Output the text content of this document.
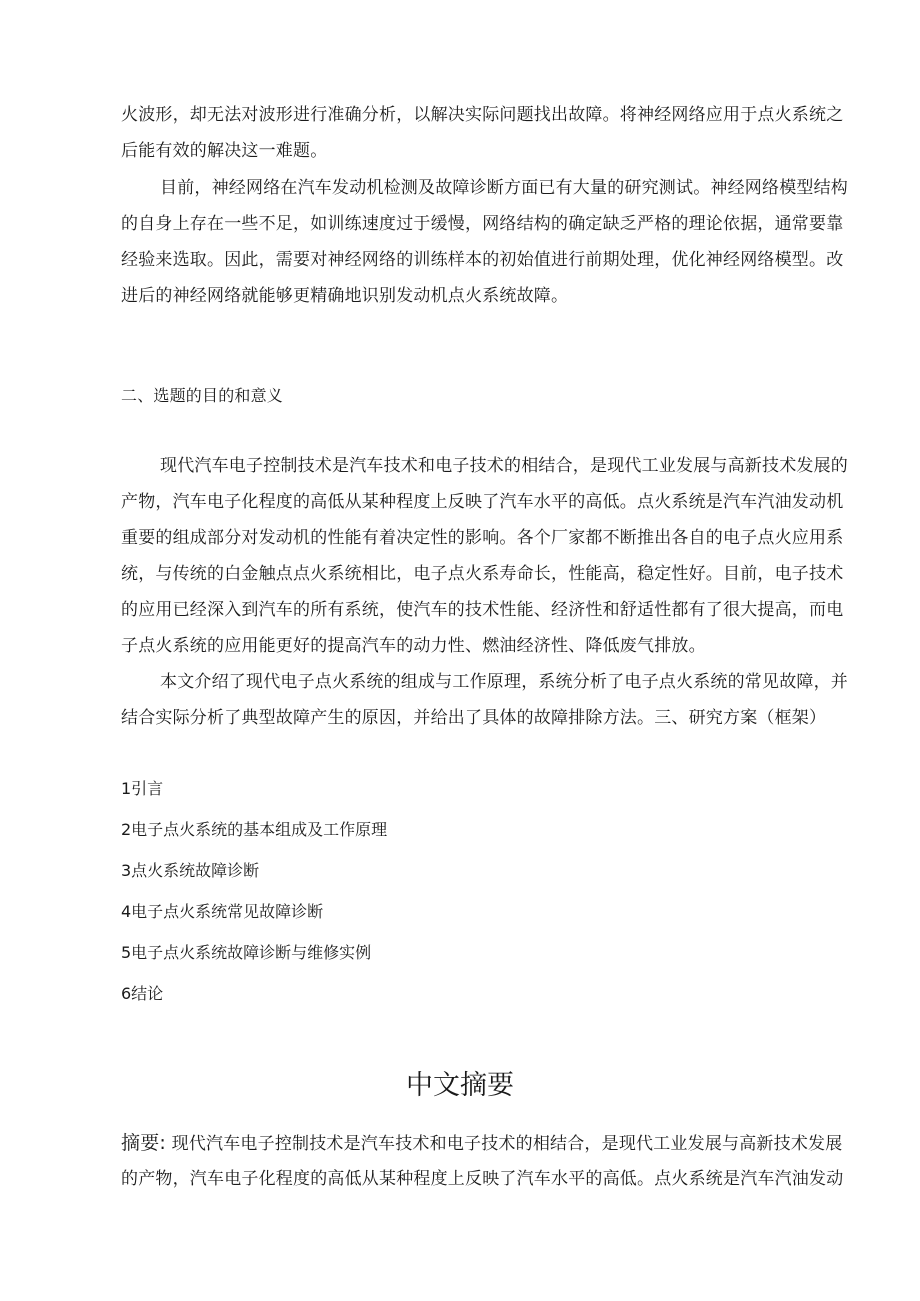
火波形，却无法对波形进行准确分析，以解决实际问题找出故障。将神经网络应用于点火系统之
后能有效的解决这一难题。
目前，神经网络在汽车发动机检测及故障诊断方面已有大量的研究测试。神经网络模型结构
的自身上存在一些不足，如训练速度过于缓慢，网络结构的确定缺乏严格的理论依据，通常要靠
经验来选取。因此，需要对神经网络的训练样本的初始值进行前期处理，优化神经网络模型。改
进后的神经网络就能够更精确地识别发动机点火系统故障。
二、选题的目的和意义
现代汽车电子控制技术是汽车技术和电子技术的相结合，是现代工业发展与高新技术发展的
产物，汽车电子化程度的高低从某种程度上反映了汽车水平的高低。点火系统是汽车汽油发动机
重要的组成部分对发动机的性能有着决定性的影响。各个厂家都不断推出各自的电子点火应用系
统，与传统的白金触点点火系统相比，电子点火系寿命长，性能高，稳定性好。目前，电子技术
的应用已经深入到汽车的所有系统，使汽车的技术性能、经济性和舒适性都有了很大提高，而电
子点火系统的应用能更好的提高汽车的动力性、燃油经济性、降低废气排放。
本文介绍了现代电子点火系统的组成与工作原理，系统分析了电子点火系统的常见故障，并
结合实际分析了典型故障产生的原因，并给出了具体的故障排除方法。三、研究方案（框架）
1引言
2电子点火系统的基本组成及工作原理
3点火系统故障诊断
4电子点火系统常见故障诊断
5电子点火系统故障诊断与维修实例
6结论
中文摘要
摘要: 现代汽车电子控制技术是汽车技术和电子技术的相结合，是现代工业发展与高新技术发展
的产物，汽车电子化程度的高低从某种程度上反映了汽车水平的高低。点火系统是汽车汽油发动
